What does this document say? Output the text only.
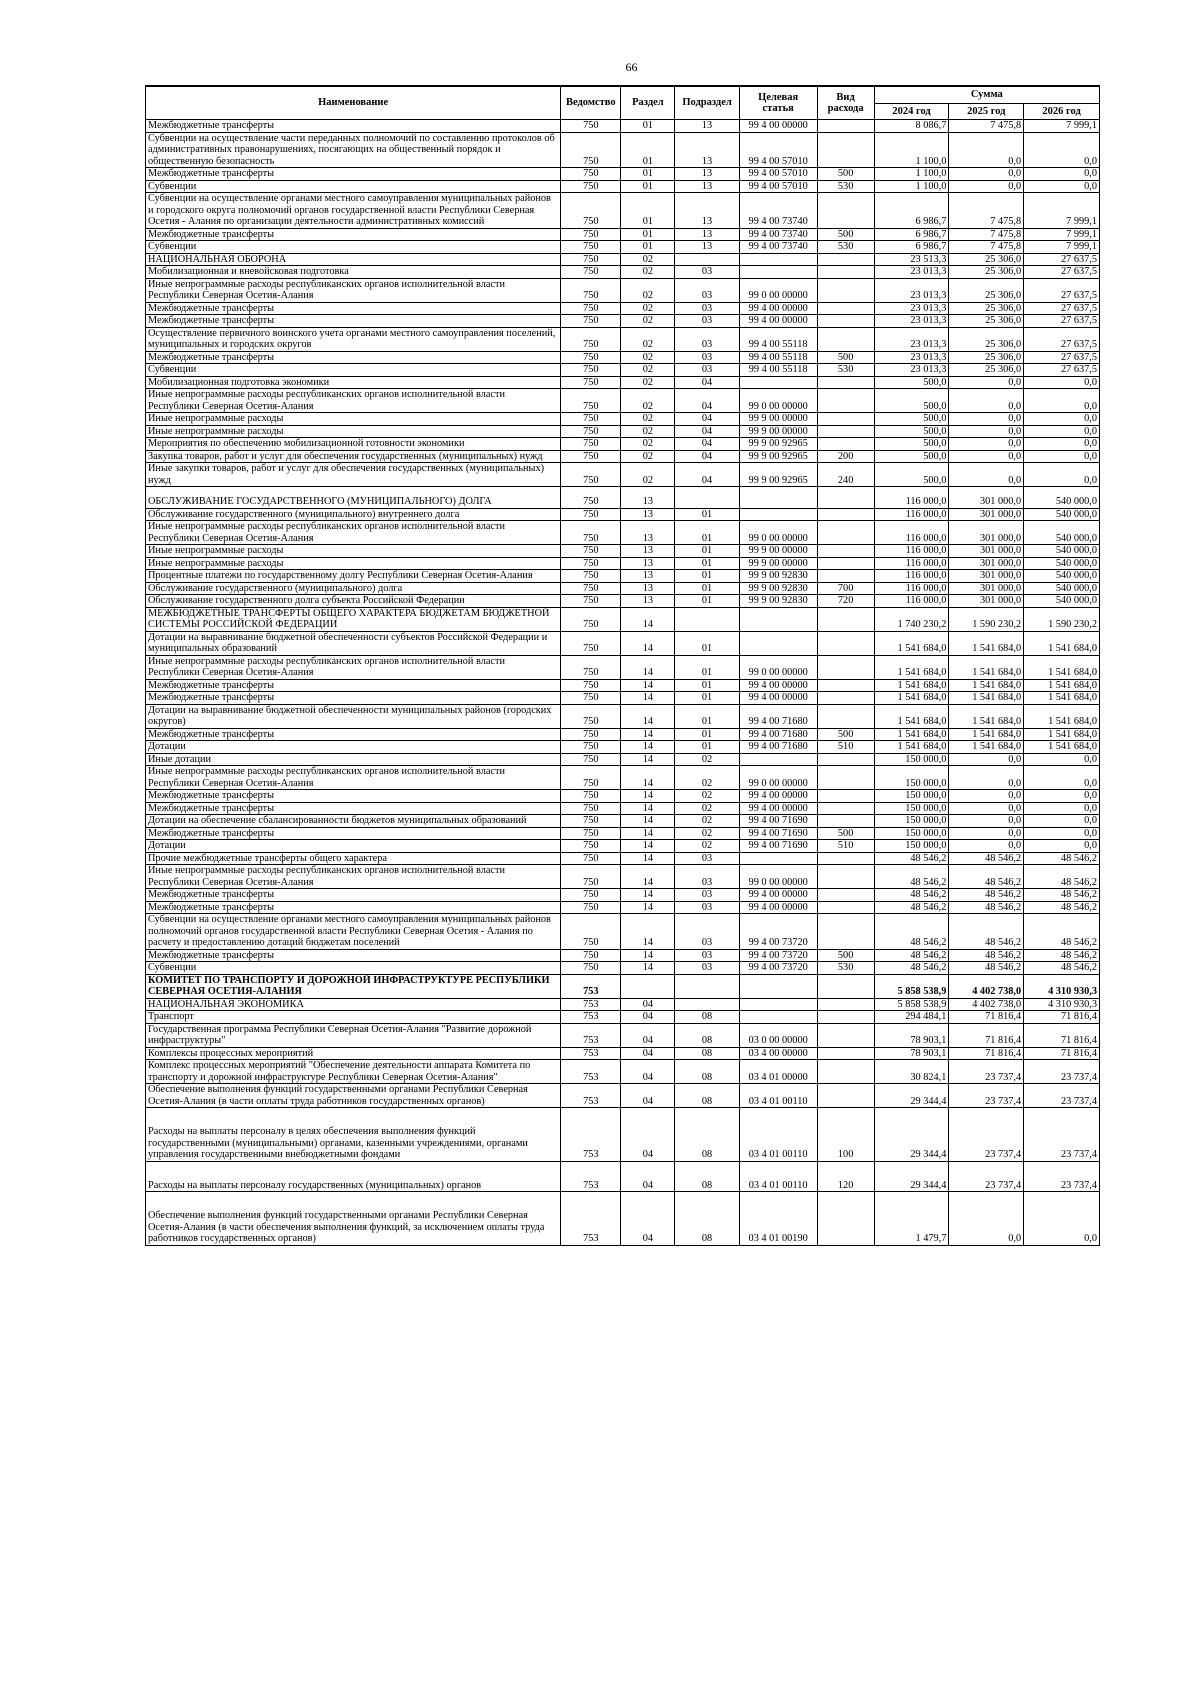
66
Наименование	Ведомство	Раздел	Подраздел	Целевая статья	Вид расхода	Сумма		
						2024 год	2025 год	2026 год
Межбюджетные трансферты	750	01	13	99 4 00 00000		8 086,7	7 475,8	7 999,1
Субвенции на осуществление части переданных полномочий по составлению протоколов об административных правонарушениях, посягающих на общественный порядок и общественную безопасность	750	01	13	99 4 00 57010		1 100,0	0,0	0,0
Межбюджетные трансферты	750	01	13	99 4 00 57010	500	1 100,0	0,0	0,0
Субвенции	750	01	13	99 4 00 57010	530	1 100,0	0,0	0,0
Субвенции на осуществление органами местного самоуправления муниципальных районов и городского округа полномочий органов государственной власти Республики Северная Осетия - Алания по организации деятельности административных комиссий	750	01	13	99 4 00 73740		6 986,7	7 475,8	7 999,1
Межбюджетные трансферты	750	01	13	99 4 00 73740	500	6 986,7	7 475,8	7 999,1
Субвенции	750	01	13	99 4 00 73740	530	6 986,7	7 475,8	7 999,1
НАЦИОНАЛЬНАЯ ОБОРОНА	750	02				23 513,3	25 306,0	27 637,5
Мобилизационная и вневойсковая подготовка	750	02	03			23 013,3	25 306,0	27 637,5
Иные непрограммные расходы республиканских органов исполнительной власти Республики Северная Осетия-Алания	750	02	03	99 0 00 00000		23 013,3	25 306,0	27 637,5
Межбюджетные трансферты	750	02	03	99 4 00 00000		23 013,3	25 306,0	27 637,5
Межбюджетные трансферты	750	02	03	99 4 00 00000		23 013,3	25 306,0	27 637,5
Осуществление первичного воинского учета органами местного самоуправления поселений, муниципальных и городских округов	750	02	03	99 4 00 55118		23 013,3	25 306,0	27 637,5
Межбюджетные трансферты	750	02	03	99 4 00 55118	500	23 013,3	25 306,0	27 637,5
Субвенции	750	02	03	99 4 00 55118	530	23 013,3	25 306,0	27 637,5
Мобилизационная подготовка экономики	750	02	04			500,0	0,0	0,0
Иные непрограммные расходы республиканских органов исполнительной власти Республики Северная Осетия-Алания	750	02	04	99 0 00 00000		500,0	0,0	0,0
Иные непрограммные расходы	750	02	04	99 9 00 00000		500,0	0,0	0,0
Иные непрограммные расходы	750	02	04	99 9 00 00000		500,0	0,0	0,0
Мероприятия по обеспечению мобилизационной готовности экономики	750	02	04	99 9 00 92965		500,0	0,0	0,0
Закупка товаров, работ и услуг для обеспечения государственных (муниципальных) нужд	750	02	04	99 9 00 92965	200	500,0	0,0	0,0
Иные закупки товаров, работ и услуг для обеспечения государственных (муниципальных) нужд	750	02	04	99 9 00 92965	240	500,0	0,0	0,0
ОБСЛУЖИВАНИЕ ГОСУДАРСТВЕННОГО (МУНИЦИПАЛЬНОГО) ДОЛГА	750	13				116 000,0	301 000,0	540 000,0
Обслуживание государственного (муниципального) внутреннего долга	750	13	01			116 000,0	301 000,0	540 000,0
Иные непрограммные расходы республиканских органов исполнительной власти Республики Северная Осетия-Алания	750	13	01	99 0 00 00000		116 000,0	301 000,0	540 000,0
Иные непрограммные расходы	750	13	01	99 9 00 00000		116 000,0	301 000,0	540 000,0
Иные непрограммные расходы	750	13	01	99 9 00 00000		116 000,0	301 000,0	540 000,0
Процентные платежи по государственному долгу Республики Северная Осетия-Алания	750	13	01	99 9 00 92830		116 000,0	301 000,0	540 000,0
Обслуживание государственного (муниципального) долга	750	13	01	99 9 00 92830	700	116 000,0	301 000,0	540 000,0
Обслуживание государственного долга субъекта Российской Федерации	750	13	01	99 9 00 92830	720	116 000,0	301 000,0	540 000,0
МЕЖБЮДЖЕТНЫЕ ТРАНСФЕРТЫ ОБЩЕГО ХАРАКТЕРА БЮДЖЕТАМ БЮДЖЕТНОЙ СИСТЕМЫ РОССИЙСКОЙ ФЕДЕРАЦИИ	750	14				1 740 230,2	1 590 230,2	1 590 230,2
Дотации на выравнивание бюджетной обеспеченности субъектов Российской Федерации и муниципальных образований	750	14	01			1 541 684,0	1 541 684,0	1 541 684,0
Иные непрограммные расходы республиканских органов исполнительной власти Республики Северная Осетия-Алания	750	14	01	99 0 00 00000		1 541 684,0	1 541 684,0	1 541 684,0
Межбюджетные трансферты	750	14	01	99 4 00 00000		1 541 684,0	1 541 684,0	1 541 684,0
Межбюджетные трансферты	750	14	01	99 4 00 00000		1 541 684,0	1 541 684,0	1 541 684,0
Дотации на выравнивание бюджетной обеспеченности муниципальных районов (городских округов)	750	14	01	99 4 00 71680		1 541 684,0	1 541 684,0	1 541 684,0
Межбюджетные трансферты	750	14	01	99 4 00 71680	500	1 541 684,0	1 541 684,0	1 541 684,0
Дотации	750	14	01	99 4 00 71680	510	1 541 684,0	1 541 684,0	1 541 684,0
Иные дотации	750	14	02			150 000,0	0,0	0,0
Иные непрограммные расходы республиканских органов исполнительной власти Республики Северная Осетия-Алания	750	14	02	99 0 00 00000		150 000,0	0,0	0,0
Межбюджетные трансферты	750	14	02	99 4 00 00000		150 000,0	0,0	0,0
Межбюджетные трансферты	750	14	02	99 4 00 00000		150 000,0	0,0	0,0
Дотации на обеспечение сбалансированности бюджетов муниципальных образований	750	14	02	99 4 00 71690		150 000,0	0,0	0,0
Межбюджетные трансферты	750	14	02	99 4 00 71690	500	150 000,0	0,0	0,0
Дотации	750	14	02	99 4 00 71690	510	150 000,0	0,0	0,0
Прочие межбюджетные трансферты общего характера	750	14	03			48 546,2	48 546,2	48 546,2
Иные непрограммные расходы республиканских органов исполнительной власти Республики Северная Осетия-Алания	750	14	03	99 0 00 00000		48 546,2	48 546,2	48 546,2
Межбюджетные трансферты	750	14	03	99 4 00 00000		48 546,2	48 546,2	48 546,2
Межбюджетные трансферты	750	14	03	99 4 00 00000		48 546,2	48 546,2	48 546,2
Субвенции на осуществление органами местного самоуправления муниципальных районов полномочий органов государственной власти Республики Северная Осетия - Алания по расчету и предоставлению дотаций бюджетам поселений	750	14	03	99 4 00 73720		48 546,2	48 546,2	48 546,2
Межбюджетные трансферты	750	14	03	99 4 00 73720	500	48 546,2	48 546,2	48 546,2
Субвенции	750	14	03	99 4 00 73720	530	48 546,2	48 546,2	48 546,2
КОМИТЕТ ПО ТРАНСПОРТУ И ДОРОЖНОЙ ИНФРАСТРУКТУРЕ РЕСПУБЛИКИ СЕВЕРНАЯ ОСЕТИЯ-АЛАНИЯ	753					5 858 538,9	4 402 738,0	4 310 930,3
НАЦИОНАЛЬНАЯ ЭКОНОМИКА	753	04				5 858 538,9	4 402 738,0	4 310 930,3
Транспорт	753	04	08			294 484,1	71 816,4	71 816,4
Государственная программа Республики Северная Осетия-Алания "Развитие дорожной инфраструктуры"	753	04	08	03 0 00 00000		78 903,1	71 816,4	71 816,4
Комплексы процессных мероприятий	753	04	08	03 4 00 00000		78 903,1	71 816,4	71 816,4
Комплекс процессных мероприятий "Обеспечение деятельности аппарата Комитета по транспорту и дорожной инфраструктуре Республики Северная Осетия-Алания"	753	04	08	03 4 01 00000		30 824,1	23 737,4	23 737,4
Обеспечение выполнения функций государственными органами Республики Северная Осетия-Алания (в части оплаты труда работников государственных органов)	753	04	08	03 4 01 00110		29 344,4	23 737,4	23 737,4
Расходы на выплаты персоналу в целях обеспечения выполнения функций государственными (муниципальными) органами, казенными учреждениями, органами управления государственными внебюджетными фондами	753	04	08	03 4 01 00110	100	29 344,4	23 737,4	23 737,4
Расходы на выплаты персоналу государственных (муниципальных) органов	753	04	08	03 4 01 00110	120	29 344,4	23 737,4	23 737,4
Обеспечение выполнения функций государственными органами Республики Северная Осетия-Алания (в части обеспечения выполнения функций, за исключением оплаты труда работников государственных органов)	753	04	08	03 4 01 00190		1 479,7	0,0	0,0
